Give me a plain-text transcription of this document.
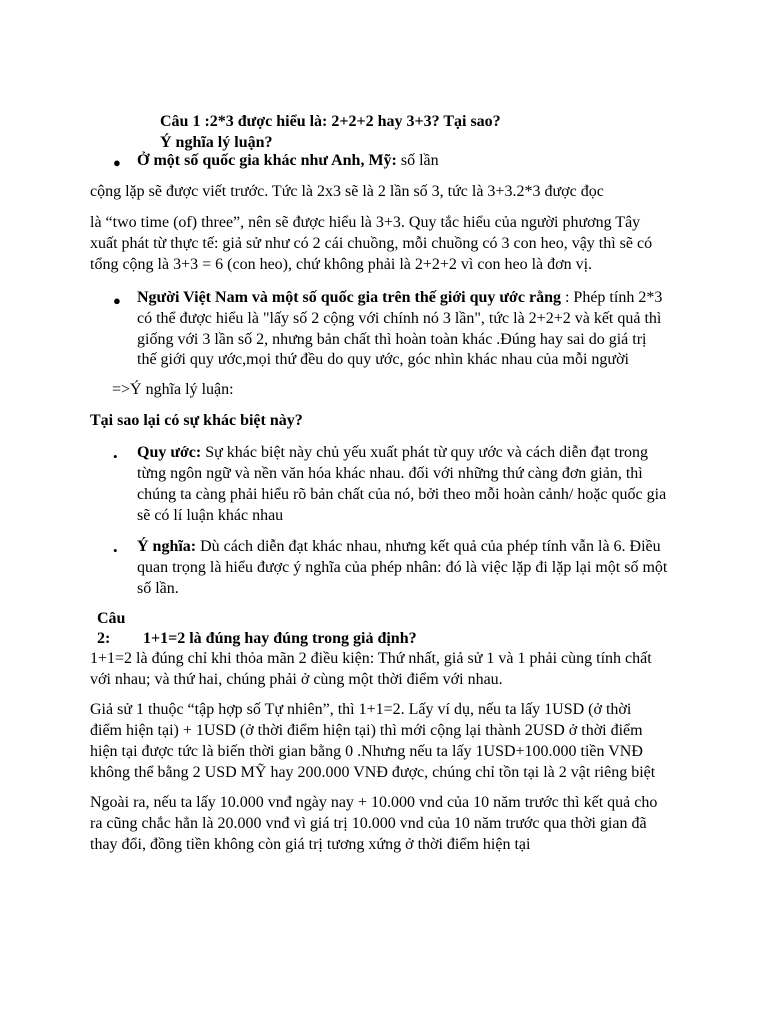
Câu 1 :2*3 được hiểu là: 2+2+2 hay 3+3? Tại sao?
Ý nghĩa lý luận?
● Ở một số quốc gia khác như Anh, Mỹ: số lần
cộng lặp sẽ được viết trước. Tức là 2x3 sẽ là 2 lần số 3, tức là 3+3.2*3 được đọc
là “two time (of) three”, nên sẽ được hiểu là 3+3. Quy tắc hiểu của người phương Tây
xuất phát từ thực tế: giả sử như có 2 cái chuồng, mỗi chuồng có 3 con heo, vậy thì sẽ có
tổng cộng là 3+3 = 6 (con heo), chứ không phải là 2+2+2 vì con heo là đơn vị.
● Người Việt Nam và một số quốc gia trên thế giới quy ước rằng : Phép tính 2*3
có thể được hiểu là "lấy số 2 cộng với chính nó 3 lần", tức là 2+2+2 và kết quả thì
giống với 3 lần số 2, nhưng bản chất thì hoàn toàn khác .Đúng hay sai do giá trị
thế giới quy ước,mọi thứ đều do quy ước, góc nhìn khác nhau của mỗi người
=>Ý nghĩa lý luận:
Tại sao lại có sự khác biệt này?
• Quy ước: Sự khác biệt này chủ yếu xuất phát từ quy ước và cách diễn đạt trong
từng ngôn ngữ và nền văn hóa khác nhau. đối với những thứ càng đơn giản, thì
chúng ta càng phải hiểu rõ bản chất của nó, bởi theo mỗi hoàn cảnh/ hoặc quốc gia
sẽ có lí luận khác nhau
• Ý nghĩa: Dù cách diễn đạt khác nhau, nhưng kết quả của phép tính vẫn là 6. Điều
quan trọng là hiểu được ý nghĩa của phép nhân: đó là việc lặp đi lặp lại một số một
số lần.
Câu
2: 1+1=2 là đúng hay đúng trong giả định?
1+1=2 là đúng chỉ khi thỏa mãn 2 điều kiện: Thứ nhất, giả sử 1 và 1 phải cùng tính chất
với nhau; và thứ hai, chúng phải ở cùng một thời điểm với nhau.
Giả sử 1 thuộc “tập hợp số Tự nhiên”, thì 1+1=2. Lấy ví dụ, nếu ta lấy 1USD (ở thời
điểm hiện tại) + 1USD (ở thời điểm hiện tại) thì mới cộng lại thành 2USD ở thời điểm
hiện tại được tức là biến thời gian bằng 0 .Nhưng nếu ta lấy 1USD+100.000 tiền VNĐ
không thể bằng 2 USD MỸ hay 200.000 VNĐ được, chúng chỉ tồn tại là 2 vật riêng biệt
Ngoài ra, nếu ta lấy 10.000 vnđ ngày nay + 10.000 vnd của 10 năm trước thì kết quả cho
ra cũng chắc hẳn là 20.000 vnđ vì giá trị 10.000 vnd của 10 năm trước qua thời gian đã
thay đổi, đồng tiền không còn giá trị tương xứng ở thời điểm hiện tại
